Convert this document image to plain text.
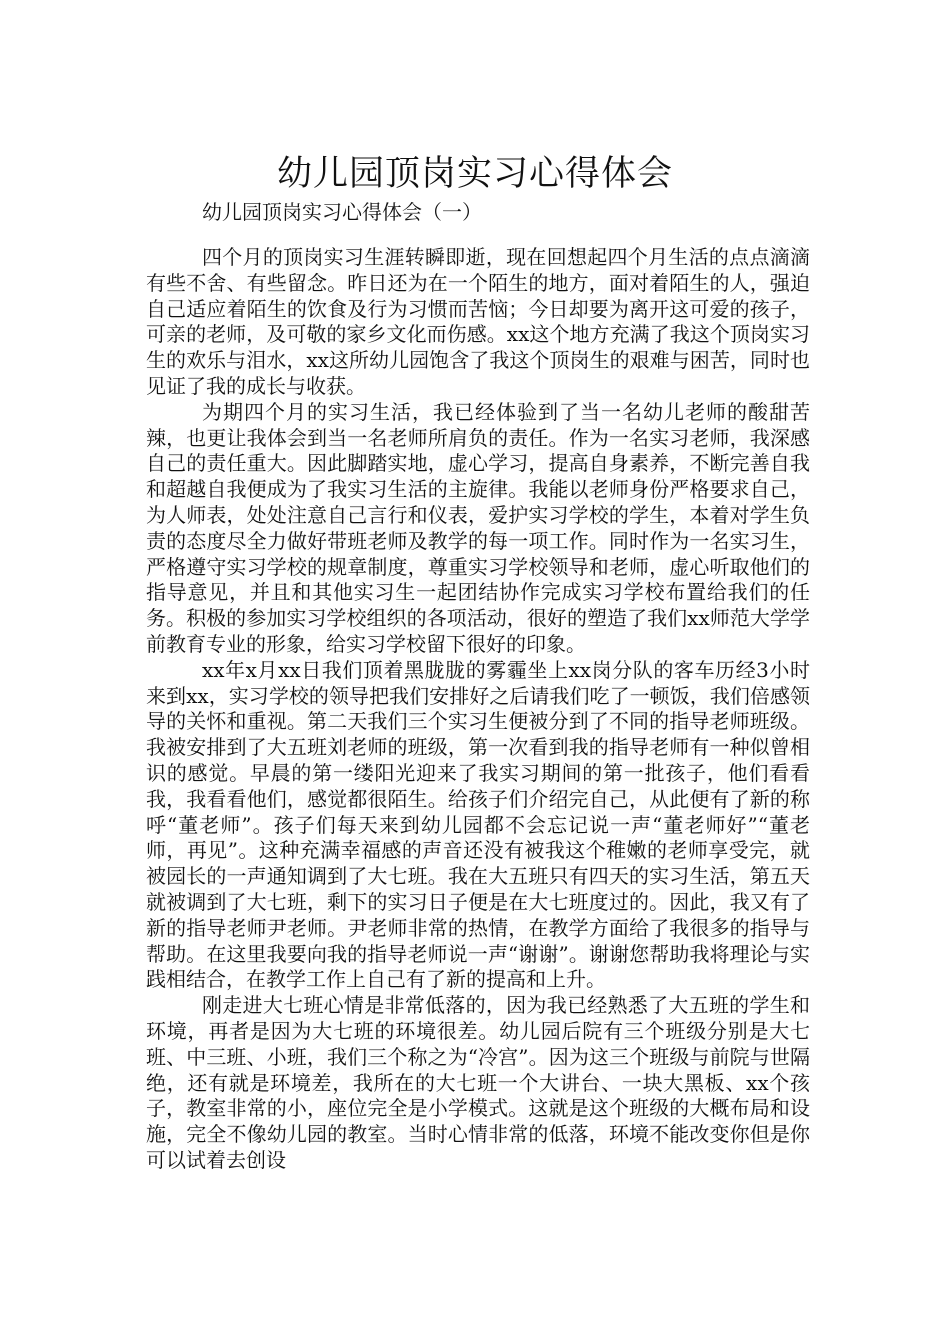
幼儿园顶岗实习心得体会
幼儿园顶岗实习心得体会（一）

四个月的顶岗实习生涯转瞬即逝，现在回想起四个月生活的点点滴滴有些不舍、有些留念。昨日还为在一个陌生的地方，面对着陌生的人，强迫自己适应着陌生的饮食及行为习惯而苦恼；今日却要为离开这可爱的孩子，可亲的老师，及可敬的家乡文化而伤感。xx这个地方充满了我这个顶岗实习生的欢乐与泪水，xx这所幼儿园饱含了我这个顶岗生的艰难与困苦，同时也见证了我的成长与收获。

为期四个月的实习生活，我已经体验到了当一名幼儿老师的酸甜苦辣，也更让我体会到当一名老师所肩负的责任。作为一名实习老师，我深感自己的责任重大。因此脚踏实地，虚心学习，提高自身素养，不断完善自我和超越自我便成为了我实习生活的主旋律。我能以老师身份严格要求自己，为人师表，处处注意自己言行和仪表，爱护实习学校的学生，本着对学生负责的态度尽全力做好带班老师及教学的每一项工作。同时作为一名实习生，严格遵守实习学校的规章制度，尊重实习学校领导和老师，虚心听取他们的指导意见，并且和其他实习生一起团结协作完成实习学校布置给我们的任务。积极的参加实习学校组织的各项活动，很好的塑造了我们xx师范大学学前教育专业的形象，给实习学校留下很好的印象。

xx年x月xx日我们顶着黑胧胧的雾霾坐上xx岗分队的客车历经3小时来到xx，实习学校的领导把我们安排好之后请我们吃了一顿饭，我们倍感领导的关怀和重视。第二天我们三个实习生便被分到了不同的指导老师班级。我被安排到了大五班刘老师的班级，第一次看到我的指导老师有一种似曾相识的感觉。早晨的第一缕阳光迎来了我实习期间的第一批孩子，他们看看我，我看看他们，感觉都很陌生。给孩子们介绍完自己，从此便有了新的称呼“董老师”。孩子们每天来到幼儿园都不会忘记说一声“董老师好”“董老师，再见”。这种充满幸福感的声音还没有被我这个稚嫩的老师享受完，就被园长的一声通知调到了大七班。我在大五班只有四天的实习生活，第五天就被调到了大七班，剩下的实习日子便是在大七班度过的。因此，我又有了新的指导老师尹老师。尹老师非常的热情，在教学方面给了我很多的指导与帮助。在这里我要向我的指导老师说一声“谢谢”。谢谢您帮助我将理论与实践相结合，在教学工作上自己有了新的提高和上升。

刚走进大七班心情是非常低落的，因为我已经熟悉了大五班的学生和环境，再者是因为大七班的环境很差。幼儿园后院有三个班级分别是大七班、中三班、小班，我们三个称之为“冷宫”。因为这三个班级与前院与世隔绝，还有就是环境差，我所在的大七班一个大讲台、一块大黑板、xx个孩子，教室非常的小，座位完全是小学模式。这就是这个班级的大概布局和设施，完全不像幼儿园的教室。当时心情非常的低落，环境不能改变你但是你可以试着去创设
